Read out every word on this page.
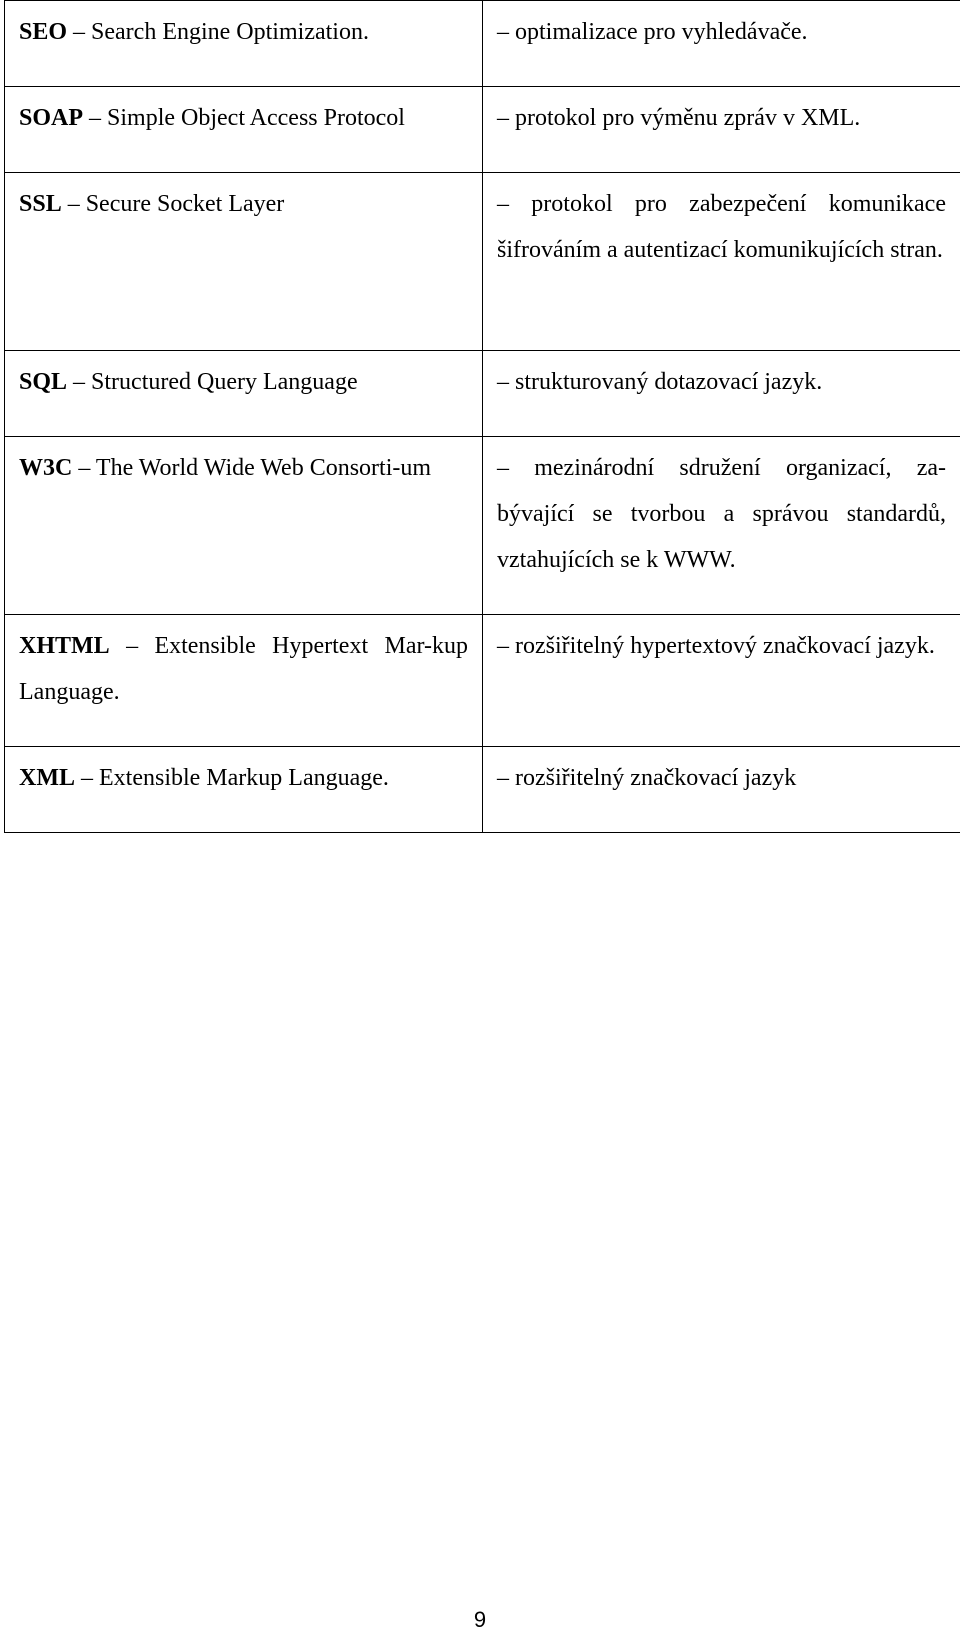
SEO – Search Engine Optimization.	– optimalizace pro vyhledávače.
SOAP – Simple Object Access Protocol	– protokol pro výměnu zpráv v XML.
SSL – Secure Socket Layer	– protokol pro zabezpečení komunikace šifrováním a autentizací komunikujících stran.
SQL – Structured Query Language	– strukturovaný dotazovací jazyk.
W3C – The World Wide Web Consorti-um	– mezinárodní sdružení organizací, za-bývající se tvorbou a správou standardů, vztahujících se k WWW.
XHTML – Extensible Hypertext Mar-kup Language.	– rozšiřitelný hypertextový značkovací jazyk.
XML – Extensible Markup Language.	– rozšiřitelný značkovací jazyk
9
